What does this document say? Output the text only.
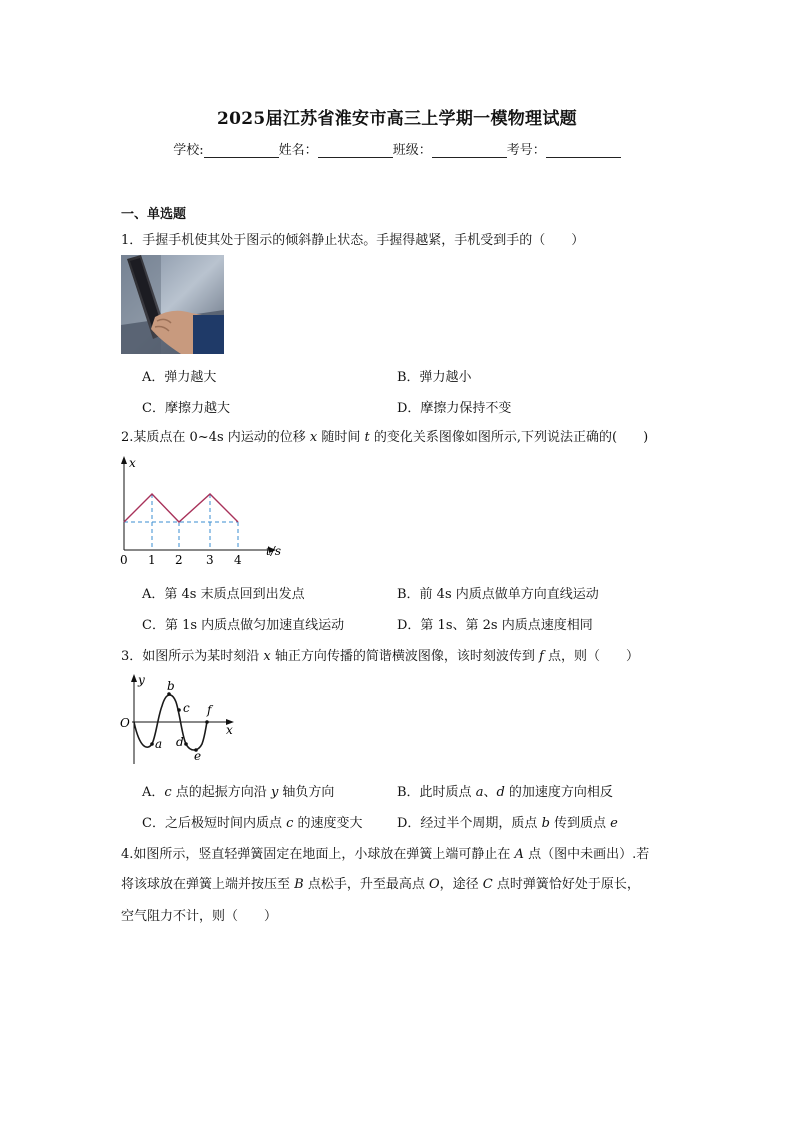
2025届江苏省淮安市高三上学期一模物理试题
学校:	姓名：	班级：	考号：
一、单选题
1．手握手机使其处于图示的倾斜静止状态。手握得越紧，手机受到手的（　　）
A．弹力越大	B．弹力越小
C．摩擦力越大	D．摩擦力保持不变
2.某质点在 0~4s 内运动的位移 x 随时间 t 的变化关系图像如图所示,下列说法正确的(　　)
x
t/s
0 1 2 3 4
A．第 4s 末质点回到出发点	B．前 4s 内质点做单方向直线运动
C．第 1s 内质点做匀加速直线运动	D．第 1s、第 2s 内质点速度相同
3．如图所示为某时刻沿 x 轴正方向传播的简谐横波图像，该时刻波传到 f 点，则（　　）
y
x
O
a
b
c
d
e
f
A．c 点的起振方向沿 y 轴负方向	B．此时质点 a、d 的加速度方向相反
C．之后极短时间内质点 c 的速度变大	D．经过半个周期，质点 b 传到质点 e
4.如图所示，竖直轻弹簧固定在地面上，小球放在弹簧上端可静止在 A 点（图中未画出）.若
将该球放在弹簧上端并按压至 B 点松手，升至最高点 O，途径 C 点时弹簧恰好处于原长，
空气阻力不计，则（　　）
